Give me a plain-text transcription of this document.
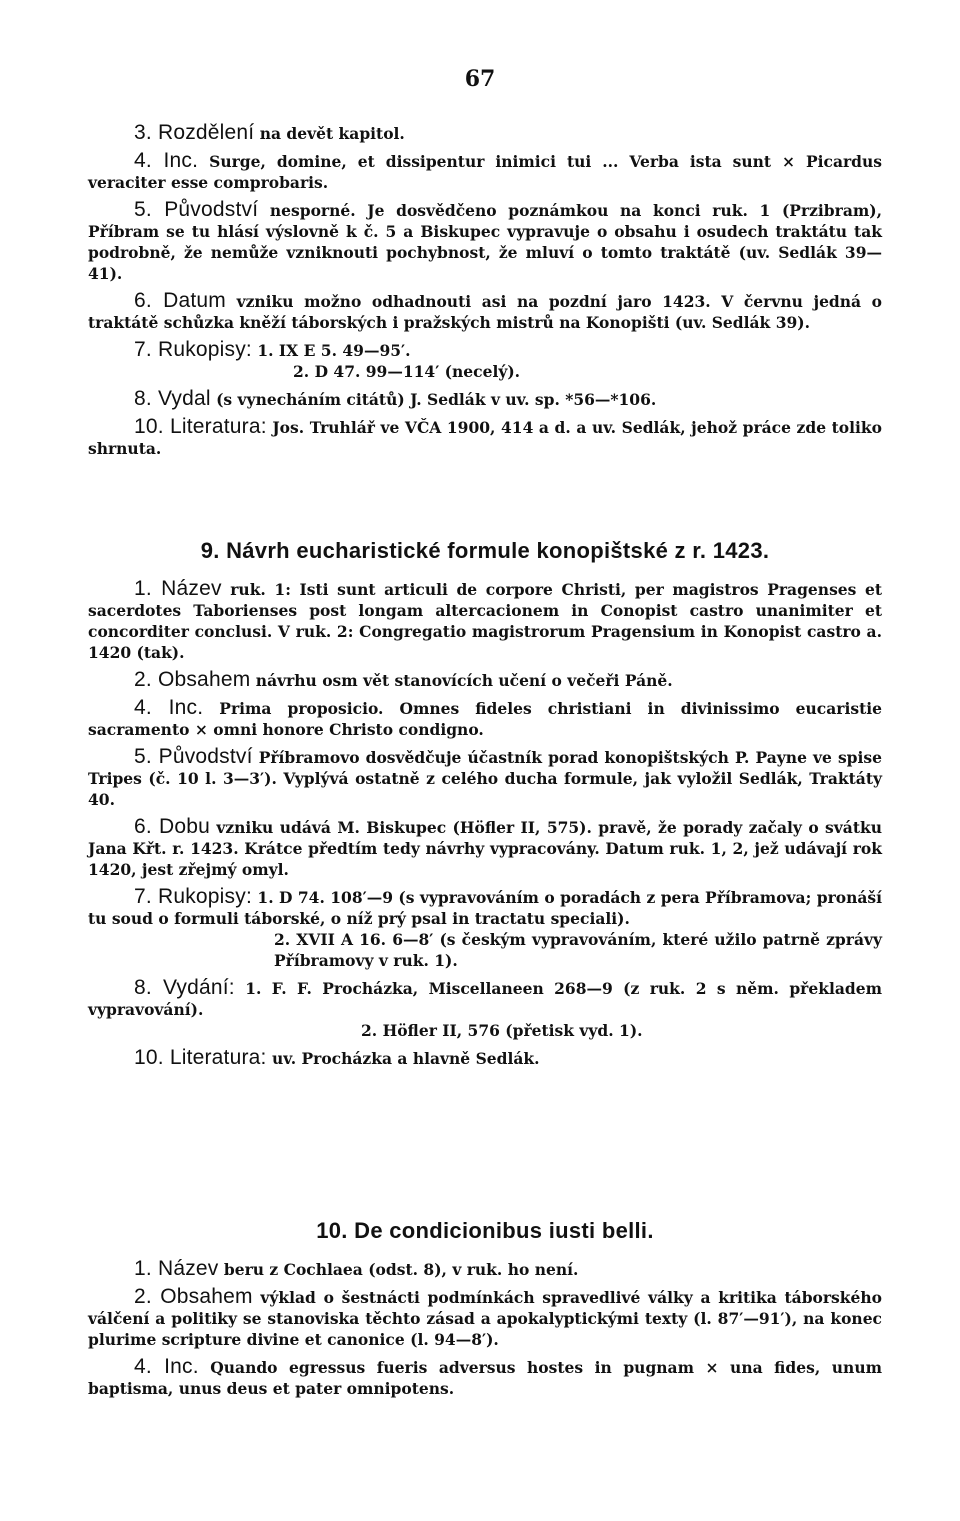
67

3. Rozdělení na devět kapitol.

4. Inc. Surge, domine, et dissipentur inimici tui ... Verba ista sunt × Picardus veraciter esse comprobaris.

5. Původství nesporné. Je dosvědčeno poznámkou na konci ruk. 1 (Przibram), Příbram se tu hlásí výslovně k č. 5 a Biskupec vypravuje o obsahu i osudech traktátu tak podrobně, že nemůže vzniknouti pochybnost, že mluví o tomto traktátě (uv. Sedlák 39—41).

6. Datum vzniku možno odhadnouti asi na pozdní jaro 1423. V červnu jedná o traktátě schůzka kněží táborských i pražských mistrů na Konopišti (uv. Sedlák 39).

7. Rukopisy: 1. IX E 5. 49—95′.

2. D 47. 99—114′ (necelý).

8. Vydal (s vynecháním citátů) J. Sedlák v uv. sp. *56—*106.

10. Literatura: Jos. Truhlář ve VČA 1900, 414 a d. a uv. Sedlák, jehož práce zde toliko shrnuta.

9. Návrh eucharistické formule konopištské z r. 1423.

1. Název ruk. 1: Isti sunt articuli de corpore Christi, per magistros Pragenses et sacerdotes Taborienses post longam altercacionem in Conopist castro unanimiter et concorditer conclusi. V ruk. 2: Congregatio magistrorum Pragensium in Konopist castro a. 1420 (tak).

2. Obsahem návrhu osm vět stanovících učení o večeři Páně.

4. Inc. Prima proposicio. Omnes fideles christiani in divinissimo eucaristie sacramento × omni honore Christo condigno.

5. Původství Příbramovo dosvědčuje účastník porad konopištských P. Payne ve spise Tripes (č. 10 l. 3—3′). Vyplývá ostatně z celého ducha formule, jak vyložil Sedlák, Traktáty 40.

6. Dobu vzniku udává M. Biskupec (Höfler II, 575). pravě, že porady začaly o svátku Jana Křt. r. 1423. Krátce předtím tedy návrhy vypracovány. Datum ruk. 1, 2, jež udávají rok 1420, jest zřejmý omyl.

7. Rukopisy: 1. D 74. 108′—9 (s vypravováním o poradách z pera Příbramova; pronáší tu soud o formuli táborské, o níž prý psal in tractatu speciali).

2. XVII A 16. 6—8′ (s českým vypravováním, které užilo patrně zprávy Příbramovy v ruk. 1).

8. Vydání: 1. F. F. Procházka, Miscellaneen 268—9 (z ruk. 2 s něm. překladem vypravování).

2. Höfler II, 576 (přetisk vyd. 1).

10. Literatura: uv. Procházka a hlavně Sedlák.

10. De condicionibus iusti belli.

1. Název beru z Cochlaea (odst. 8), v ruk. ho není.

2. Obsahem výklad o šestnácti podmínkách spravedlivé války a kritika táborského válčení a politiky se stanoviska těchto zásad a apokalyptickými texty (l. 87′—91′), na konec plurime scripture divine et canonice (l. 94—8′).

4. Inc. Quando egressus fueris adversus hostes in pugnam × una fides, unum baptisma, unus deus et pater omnipotens.
